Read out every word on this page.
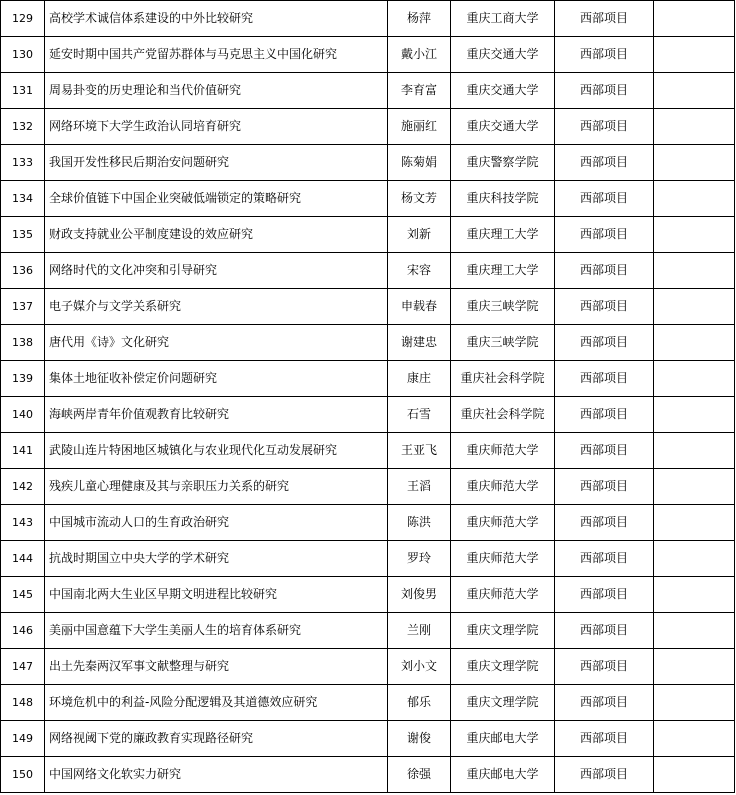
129	高校学术诚信体系建设的中外比较研究	杨萍	重庆工商大学	西部项目	
130	延安时期中国共产党留苏群体与马克思主义中国化研究	戴小江	重庆交通大学	西部项目	
131	周易卦变的历史理论和当代价值研究	李育富	重庆交通大学	西部项目	
132	网络环境下大学生政治认同培育研究	施丽红	重庆交通大学	西部项目	
133	我国开发性移民后期治安问题研究	陈菊娟	重庆警察学院	西部项目	
134	全球价值链下中国企业突破低端锁定的策略研究	杨文芳	重庆科技学院	西部项目	
135	财政支持就业公平制度建设的效应研究	刘新	重庆理工大学	西部项目	
136	网络时代的文化冲突和引导研究	宋容	重庆理工大学	西部项目	
137	电子媒介与文学关系研究	申载春	重庆三峡学院	西部项目	
138	唐代用《诗》文化研究	谢建忠	重庆三峡学院	西部项目	
139	集体土地征收补偿定价问题研究	康庄	重庆社会科学院	西部项目	
140	海峡两岸青年价值观教育比较研究	石雪	重庆社会科学院	西部项目	
141	武陵山连片特困地区城镇化与农业现代化互动发展研究	王亚飞	重庆师范大学	西部项目	
142	残疾儿童心理健康及其与亲职压力关系的研究	王滔	重庆师范大学	西部项目	
143	中国城市流动人口的生育政治研究	陈洪	重庆师范大学	西部项目	
144	抗战时期国立中央大学的学术研究	罗玲	重庆师范大学	西部项目	
145	中国南北两大生业区早期文明进程比较研究	刘俊男	重庆师范大学	西部项目	
146	美丽中国意蕴下大学生美丽人生的培育体系研究	兰刚	重庆文理学院	西部项目	
147	出土先秦两汉军事文献整理与研究	刘小文	重庆文理学院	西部项目	
148	环境危机中的利益-风险分配逻辑及其道德效应研究	郁乐	重庆文理学院	西部项目	
149	网络视阈下党的廉政教育实现路径研究	谢俊	重庆邮电大学	西部项目	
150	中国网络文化软实力研究	徐强	重庆邮电大学	西部项目	
